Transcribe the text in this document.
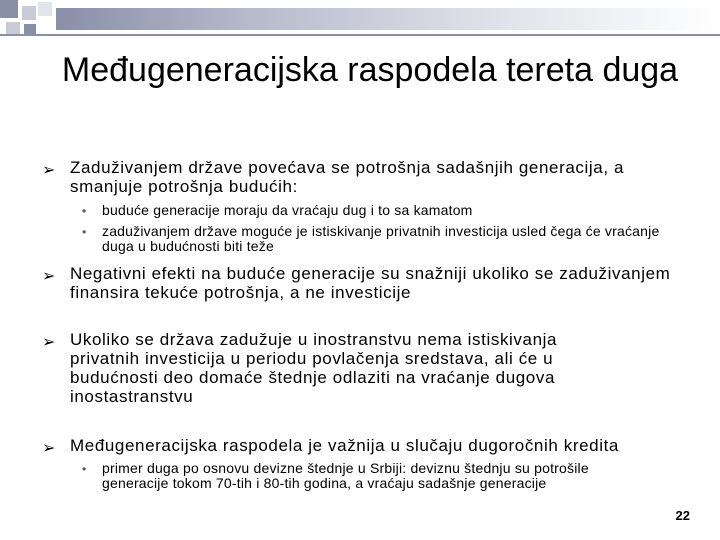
Međugeneracijska raspodela tereta duga
➢ Zaduživanjem države povećava se potrošnja sadašnjih generacija, a smanjuje potrošnja budućih:
• buduće generacije moraju da vraćaju dug i to sa kamatom
• zaduživanjem države moguće je istiskivanje privatnih investicija usled čega će vraćanje duga u budućnosti biti teže
➢ Negativni efekti na buduće generacije su snažniji ukoliko se zaduživanjem finansira tekuće potrošnja, a ne investicije
➢ Ukoliko se država zadužuje u inostranstvu nema istiskivanja privatnih investicija u periodu povlačenja sredstava, ali će u budućnosti deo domaće štednje odlaziti na vraćanje dugova inostastranstvu
➢ Međugeneracijska raspodela je važnija u slučaju dugoročnih kredita
• primer duga po osnovu devizne štednje u Srbiji: deviznu štednju su potrošile generacije tokom 70-tih i 80-tih godina, a vraćaju sadašnje generacije
22
